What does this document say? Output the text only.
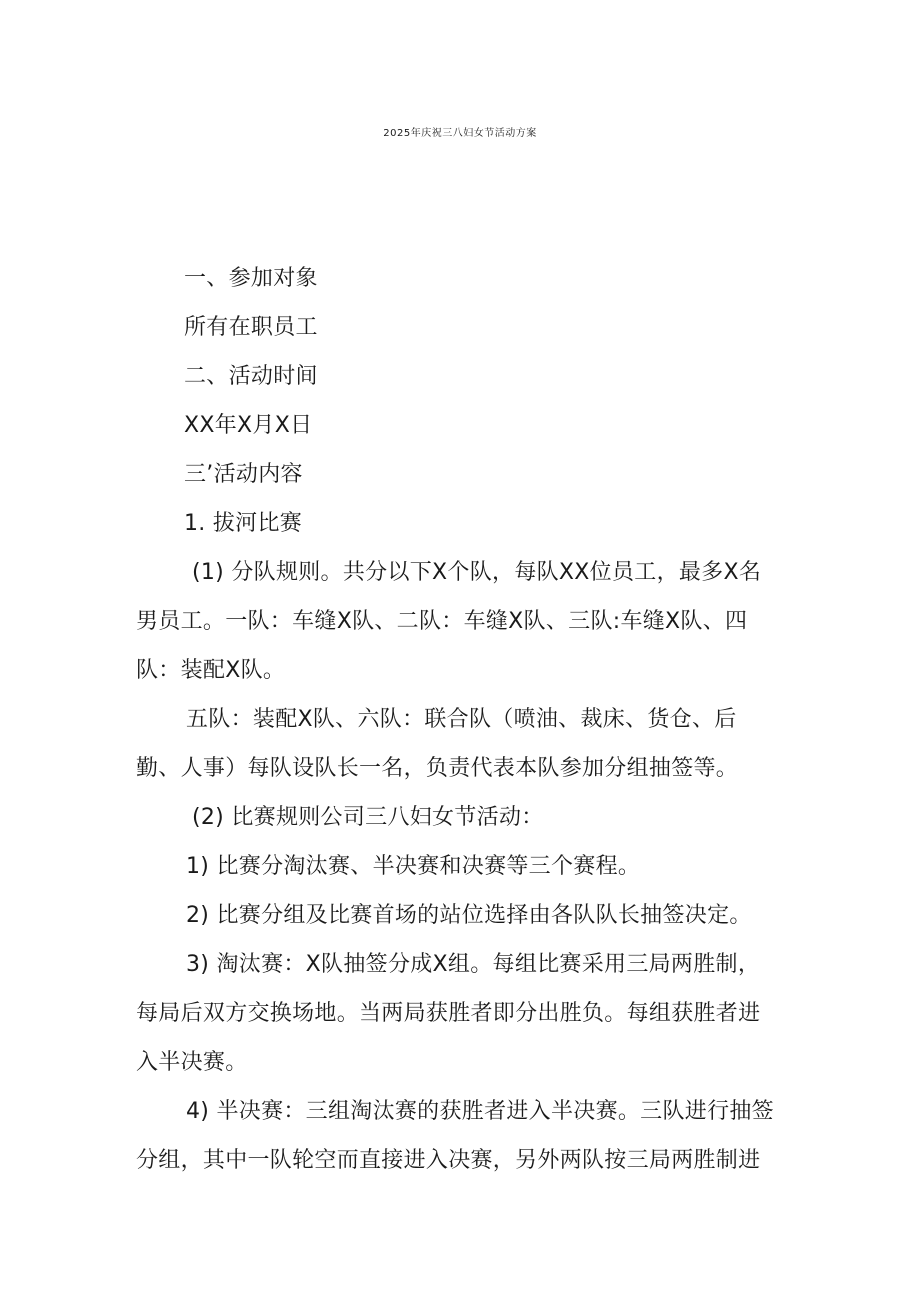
2025年庆祝三八妇女节活动方案
一、参加对象
所有在职员工
二、活动时间
XX年X月X日
三’活动内容
1. 拔河比赛
(1) 分队规则。共分以下X个队，每队XX位员工，最多X名
男员工。一队：车缝X队、二队：车缝X队、三队:车缝X队、四
队：装配X队。
五队：装配X队、六队：联合队（喷油、裁床、货仓、后
勤、人事）每队设队长一名，负责代表本队参加分组抽签等。
(2) 比赛规则公司三八妇女节活动：
1) 比赛分淘汰赛、半决赛和决赛等三个赛程。
2) 比赛分组及比赛首场的站位选择由各队队长抽签决定。
3) 淘汰赛：X队抽签分成X组。每组比赛采用三局两胜制，
每局后双方交换场地。当两局获胜者即分出胜负。每组获胜者进
入半决赛。
4) 半决赛：三组淘汰赛的获胜者进入半决赛。三队进行抽签
分组，其中一队轮空而直接进入决赛，另外两队按三局两胜制进
